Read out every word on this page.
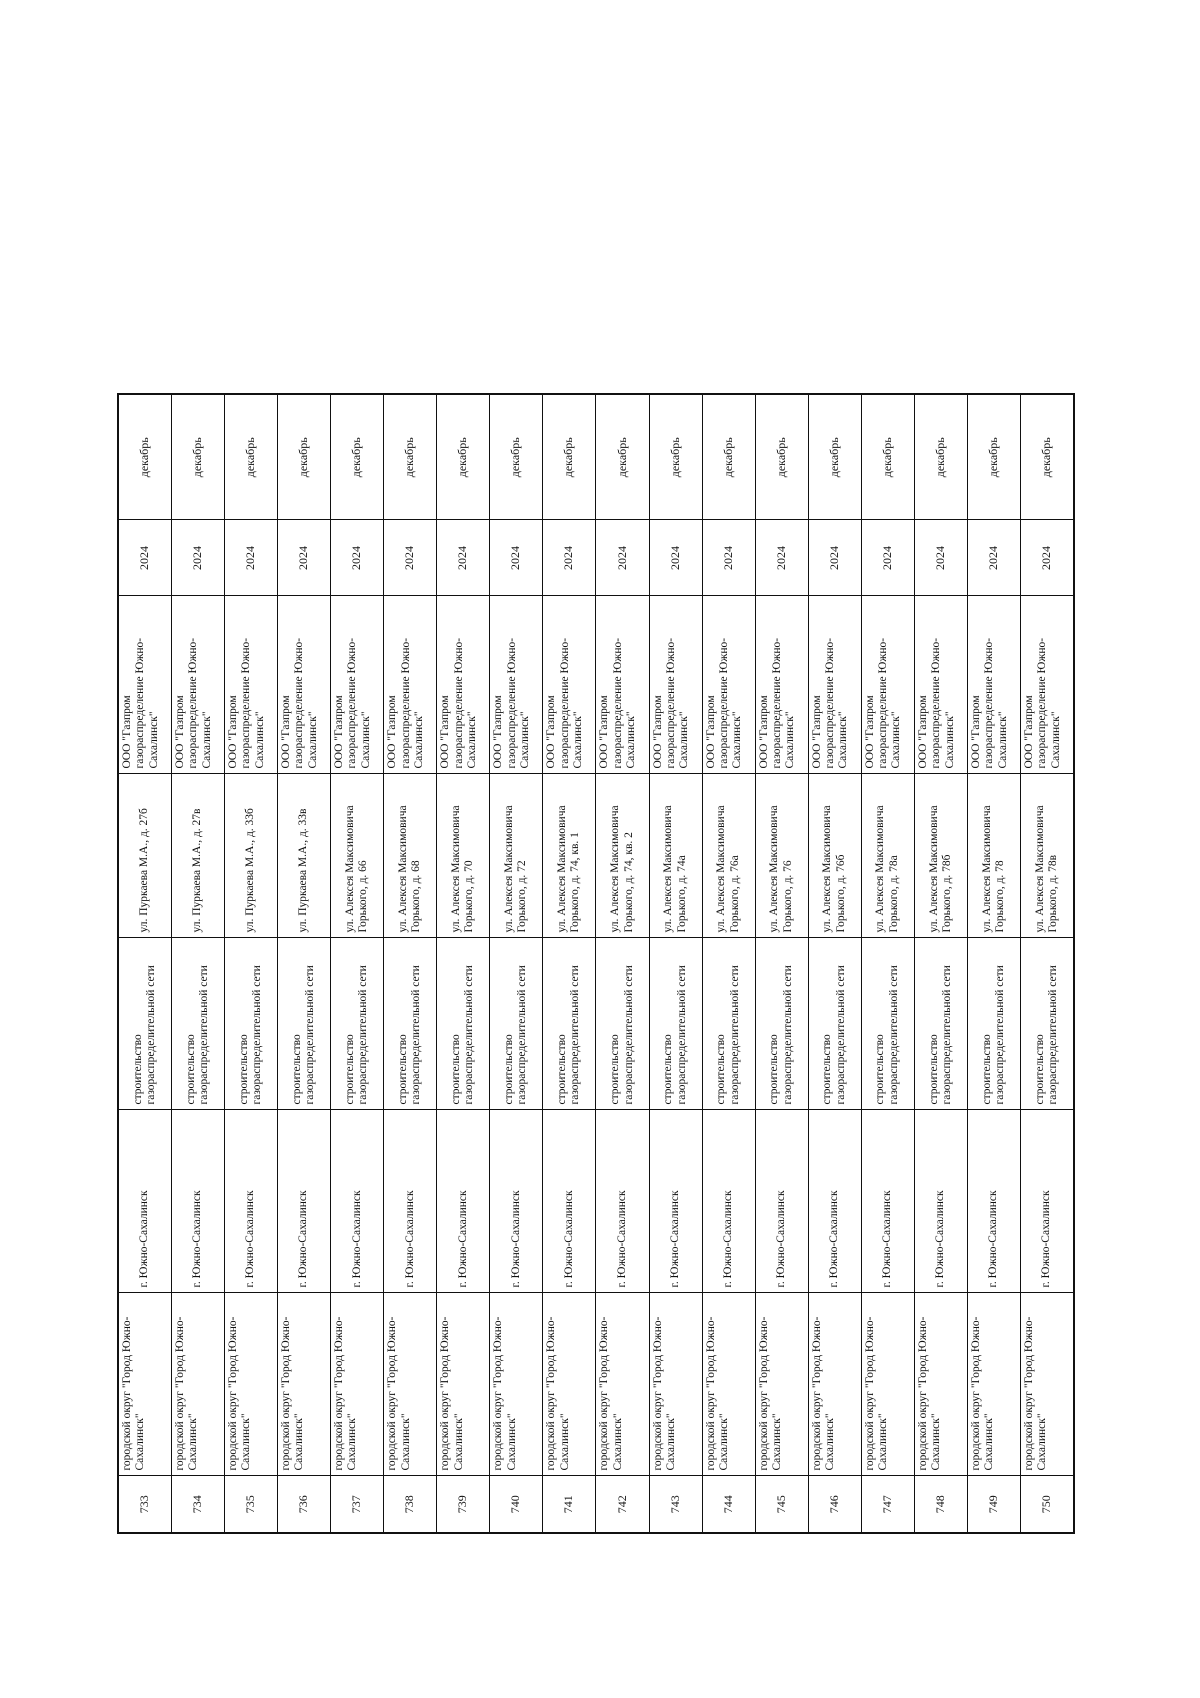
733	городской округ "Город Южно-Сахалинск"	г. Южно-Сахалинск	строительство газораспределительной сети	ул. Пуркаева М.А., д. 27б	ООО "Газпром газораспределение Южно-Сахалинск"	2024	декабрь
734	городской округ "Город Южно-Сахалинск"	г. Южно-Сахалинск	строительство газораспределительной сети	ул. Пуркаева М.А., д. 27в	ООО "Газпром газораспределение Южно-Сахалинск"	2024	декабрь
735	городской округ "Город Южно-Сахалинск"	г. Южно-Сахалинск	строительство газораспределительной сети	ул. Пуркаева М.А., д. 33б	ООО "Газпром газораспределение Южно-Сахалинск"	2024	декабрь
736	городской округ "Город Южно-Сахалинск"	г. Южно-Сахалинск	строительство газораспределительной сети	ул. Пуркаева М.А., д. 33в	ООО "Газпром газораспределение Южно-Сахалинск"	2024	декабрь
737	городской округ "Город Южно-Сахалинск"	г. Южно-Сахалинск	строительство газораспределительной сети	ул. Алексея Максимовича Горького, д. 66	ООО "Газпром газораспределение Южно-Сахалинск"	2024	декабрь
738	городской округ "Город Южно-Сахалинск"	г. Южно-Сахалинск	строительство газораспределительной сети	ул. Алексея Максимовича Горького, д. 68	ООО "Газпром газораспределение Южно-Сахалинск"	2024	декабрь
739	городской округ "Город Южно-Сахалинск"	г. Южно-Сахалинск	строительство газораспределительной сети	ул. Алексея Максимовича Горького, д. 70	ООО "Газпром газораспределение Южно-Сахалинск"	2024	декабрь
740	городской округ "Город Южно-Сахалинск"	г. Южно-Сахалинск	строительство газораспределительной сети	ул. Алексея Максимовича Горького, д. 72	ООО "Газпром газораспределение Южно-Сахалинск"	2024	декабрь
741	городской округ "Город Южно-Сахалинск"	г. Южно-Сахалинск	строительство газораспределительной сети	ул. Алексея Максимовича Горького, д. 74, кв. 1	ООО "Газпром газораспределение Южно-Сахалинск"	2024	декабрь
742	городской округ "Город Южно-Сахалинск"	г. Южно-Сахалинск	строительство газораспределительной сети	ул. Алексея Максимовича Горького, д. 74, кв. 2	ООО "Газпром газораспределение Южно-Сахалинск"	2024	декабрь
743	городской округ "Город Южно-Сахалинск"	г. Южно-Сахалинск	строительство газораспределительной сети	ул. Алексея Максимовича Горького, д. 74а	ООО "Газпром газораспределение Южно-Сахалинск"	2024	декабрь
744	городской округ "Город Южно-Сахалинск"	г. Южно-Сахалинск	строительство газораспределительной сети	ул. Алексея Максимовича Горького, д. 76а	ООО "Газпром газораспределение Южно-Сахалинск"	2024	декабрь
745	городской округ "Город Южно-Сахалинск"	г. Южно-Сахалинск	строительство газораспределительной сети	ул. Алексея Максимовича Горького, д. 76	ООО "Газпром газораспределение Южно-Сахалинск"	2024	декабрь
746	городской округ "Город Южно-Сахалинск"	г. Южно-Сахалинск	строительство газораспределительной сети	ул. Алексея Максимовича Горького, д. 76б	ООО "Газпром газораспределение Южно-Сахалинск"	2024	декабрь
747	городской округ "Город Южно-Сахалинск"	г. Южно-Сахалинск	строительство газораспределительной сети	ул. Алексея Максимовича Горького, д. 78а	ООО "Газпром газораспределение Южно-Сахалинск"	2024	декабрь
748	городской округ "Город Южно-Сахалинск"	г. Южно-Сахалинск	строительство газораспределительной сети	ул. Алексея Максимовича Горького, д. 78б	ООО "Газпром газораспределение Южно-Сахалинск"	2024	декабрь
749	городской округ "Город Южно-Сахалинск"	г. Южно-Сахалинск	строительство газораспределительной сети	ул. Алексея Максимовича Горького, д. 78	ООО "Газпром газораспределение Южно-Сахалинск"	2024	декабрь
750	городской округ "Город Южно-Сахалинск"	г. Южно-Сахалинск	строительство газораспределительной сети	ул. Алексея Максимовича Горького, д. 78в	ООО "Газпром газораспределение Южно-Сахалинск"	2024	декабрь
